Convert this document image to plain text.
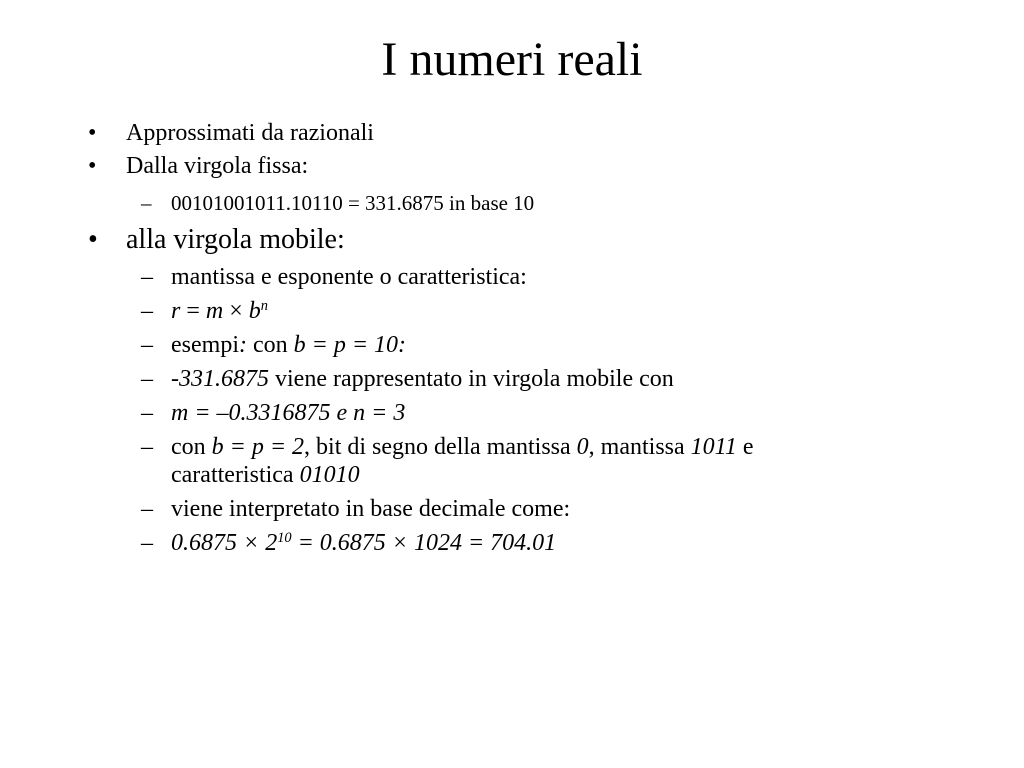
I numeri reali
• Approssimati da razionali
• Dalla virgola fissa:
– 00101001011.10110 = 331.6875 in base 10
• alla virgola mobile:
– mantissa e esponente o caratteristica:
– $r = m \times b^n$
– esempi: con b = p = 10:
– -331.6875 viene rappresentato in virgola mobile con
– m = –0.3316875 e n = 3
– con b = p = 2, bit di segno della mantissa 0, mantissa 1011 e
caratteristica 01010
– viene interpretato in base decimale come:
– $0.6875 \times 2^{10} = 0.6875 \times 1024 = 704.01$
